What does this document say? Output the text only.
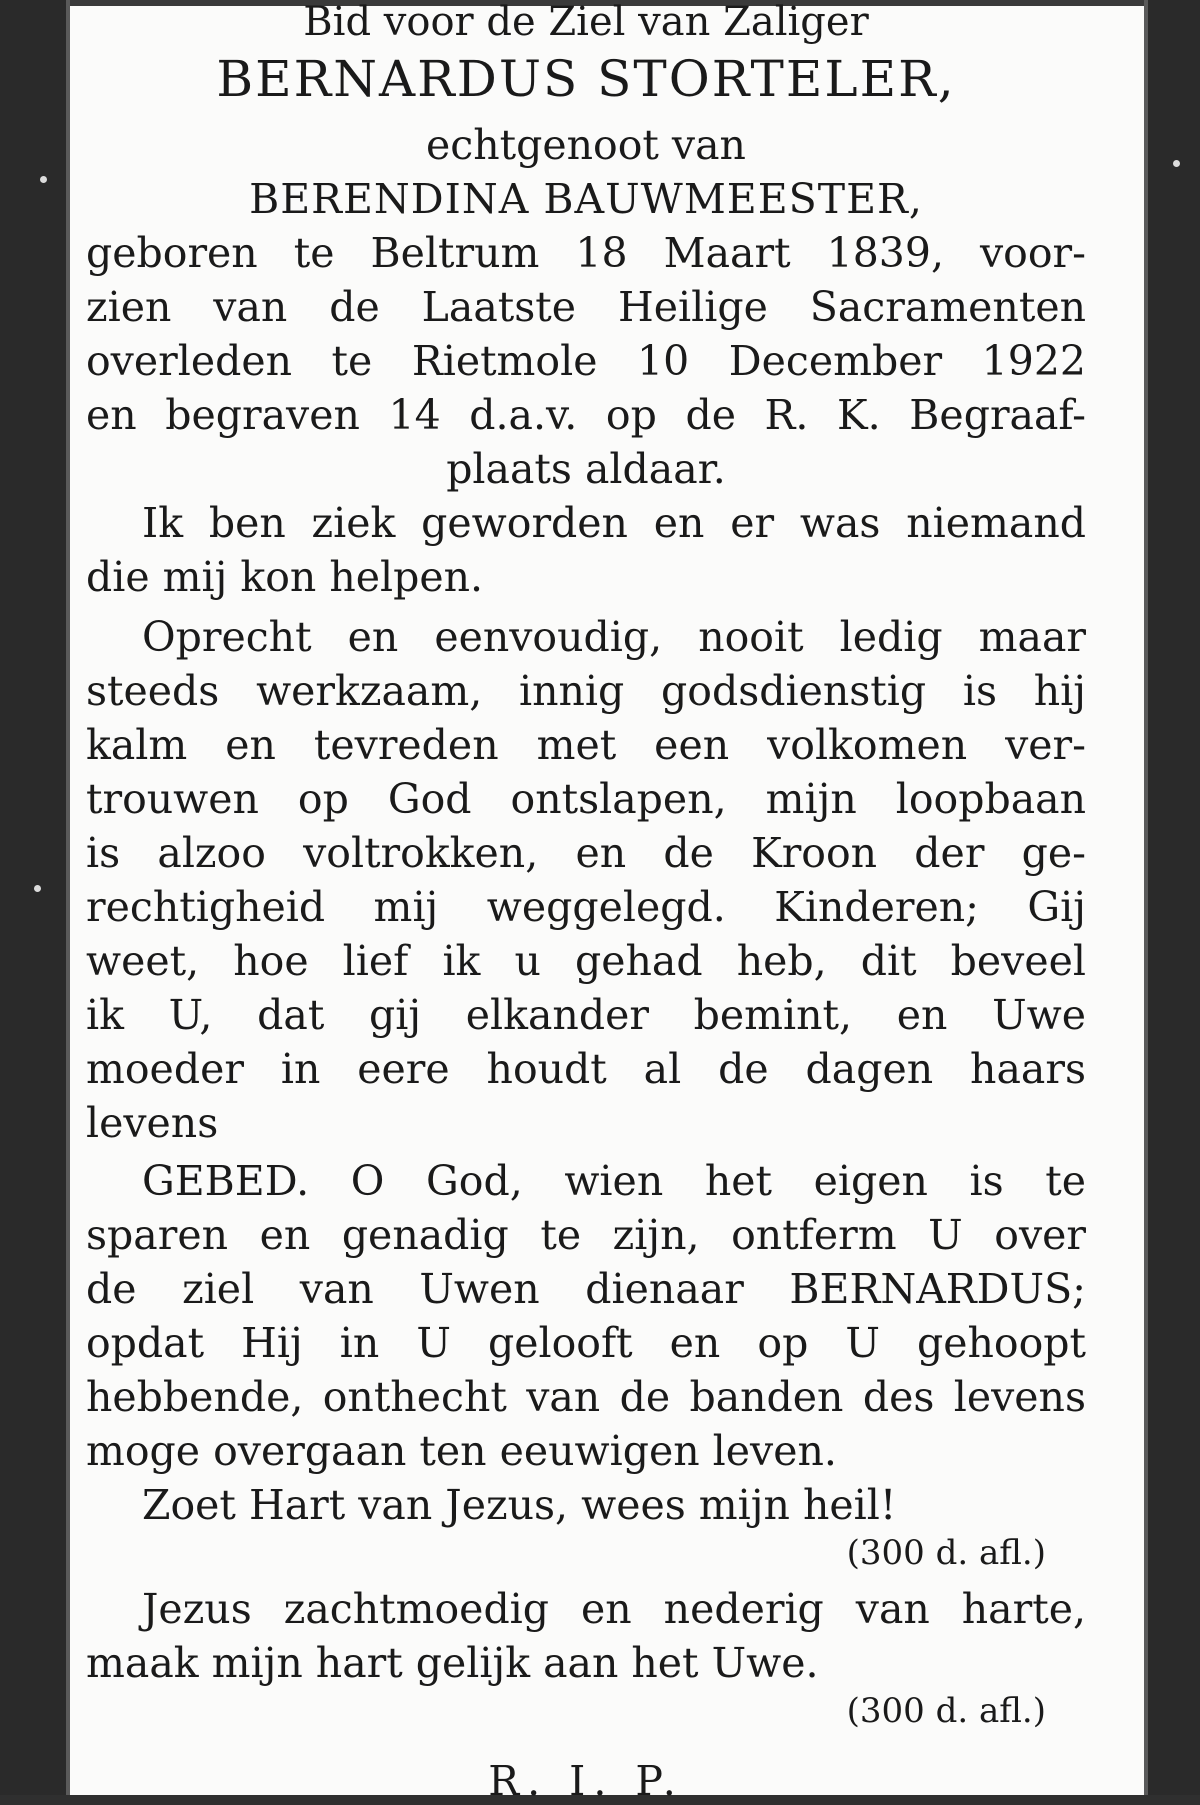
Bid voor de Ziel van Zaliger
BERNARDUS STORTELER,
echtgenoot van
BERENDINA BAUWMEESTER,
geboren te Beltrum 18 Maart 1839, voor-
zien van de Laatste Heilige Sacramenten
overleden te Rietmole 10 December 1922
en begraven 14 d.a.v. op de R. K. Begraaf-
plaats aldaar.
Ik ben ziek geworden en er was niemand
die mij kon helpen.
Oprecht en eenvoudig, nooit ledig maar
steeds werkzaam, innig godsdienstig is hij
kalm en tevreden met een volkomen ver-
trouwen op God ontslapen, mijn loopbaan
is alzoo voltrokken, en de Kroon der ge-
rechtigheid mij weggelegd. Kinderen; Gij
weet, hoe lief ik u gehad heb, dit beveel
ik U, dat gij elkander bemint, en Uwe
moeder in eere houdt al de dagen haars
levens
GEBED. O God, wien het eigen is te
sparen en genadig te zijn, ontferm U over
de ziel van Uwen dienaar BERNARDUS;
opdat Hij in U gelooft en op U gehoopt
hebbende, onthecht van de banden des levens
moge overgaan ten eeuwigen leven.
Zoet Hart van Jezus, wees mijn heil!
(300 d. afl.)
Jezus zachtmoedig en nederig van harte,
maak mijn hart gelijk aan het Uwe.
(300 d. afl.)
R. I. P.
